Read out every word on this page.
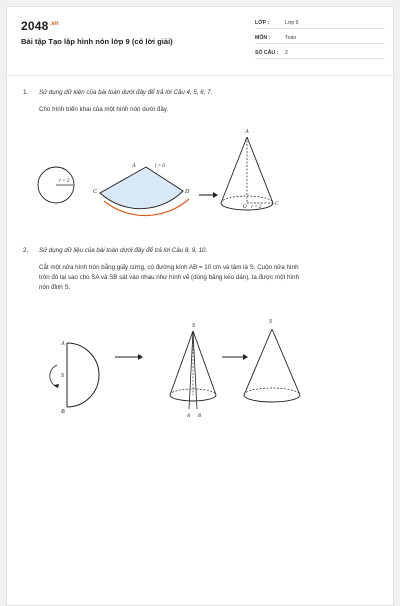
$2048^{.vn}$
Bài tập Tạo lập hình nón lớp 9 (có lời giải)
LỚP :	Lớp 9
MÔN :	Toán
SỐ CÂU : 2
1. Sử dụng dữ kiện của bài toán dưới đây để trả lời Câu 4, 5, 6, 7.
Cho hình triển khai của một hình nón dưới đây.
r = 2
A	l = 6
C	D
A
O r = 2
C
2. Sử dụng dữ liệu của bài toán dưới đây để trả lời Câu 8, 9, 10.
Cắt một nửa hình tròn bằng giấy cứng, có đường kính AB = 10 cm và tâm là S. Cuộn nửa hình
tròn đó lại sao cho SA và SB sát vào nhau như hình vẽ (dùng băng keo dán), ta được một hình
nón đỉnh S.
A
S
B
S
A B
S
